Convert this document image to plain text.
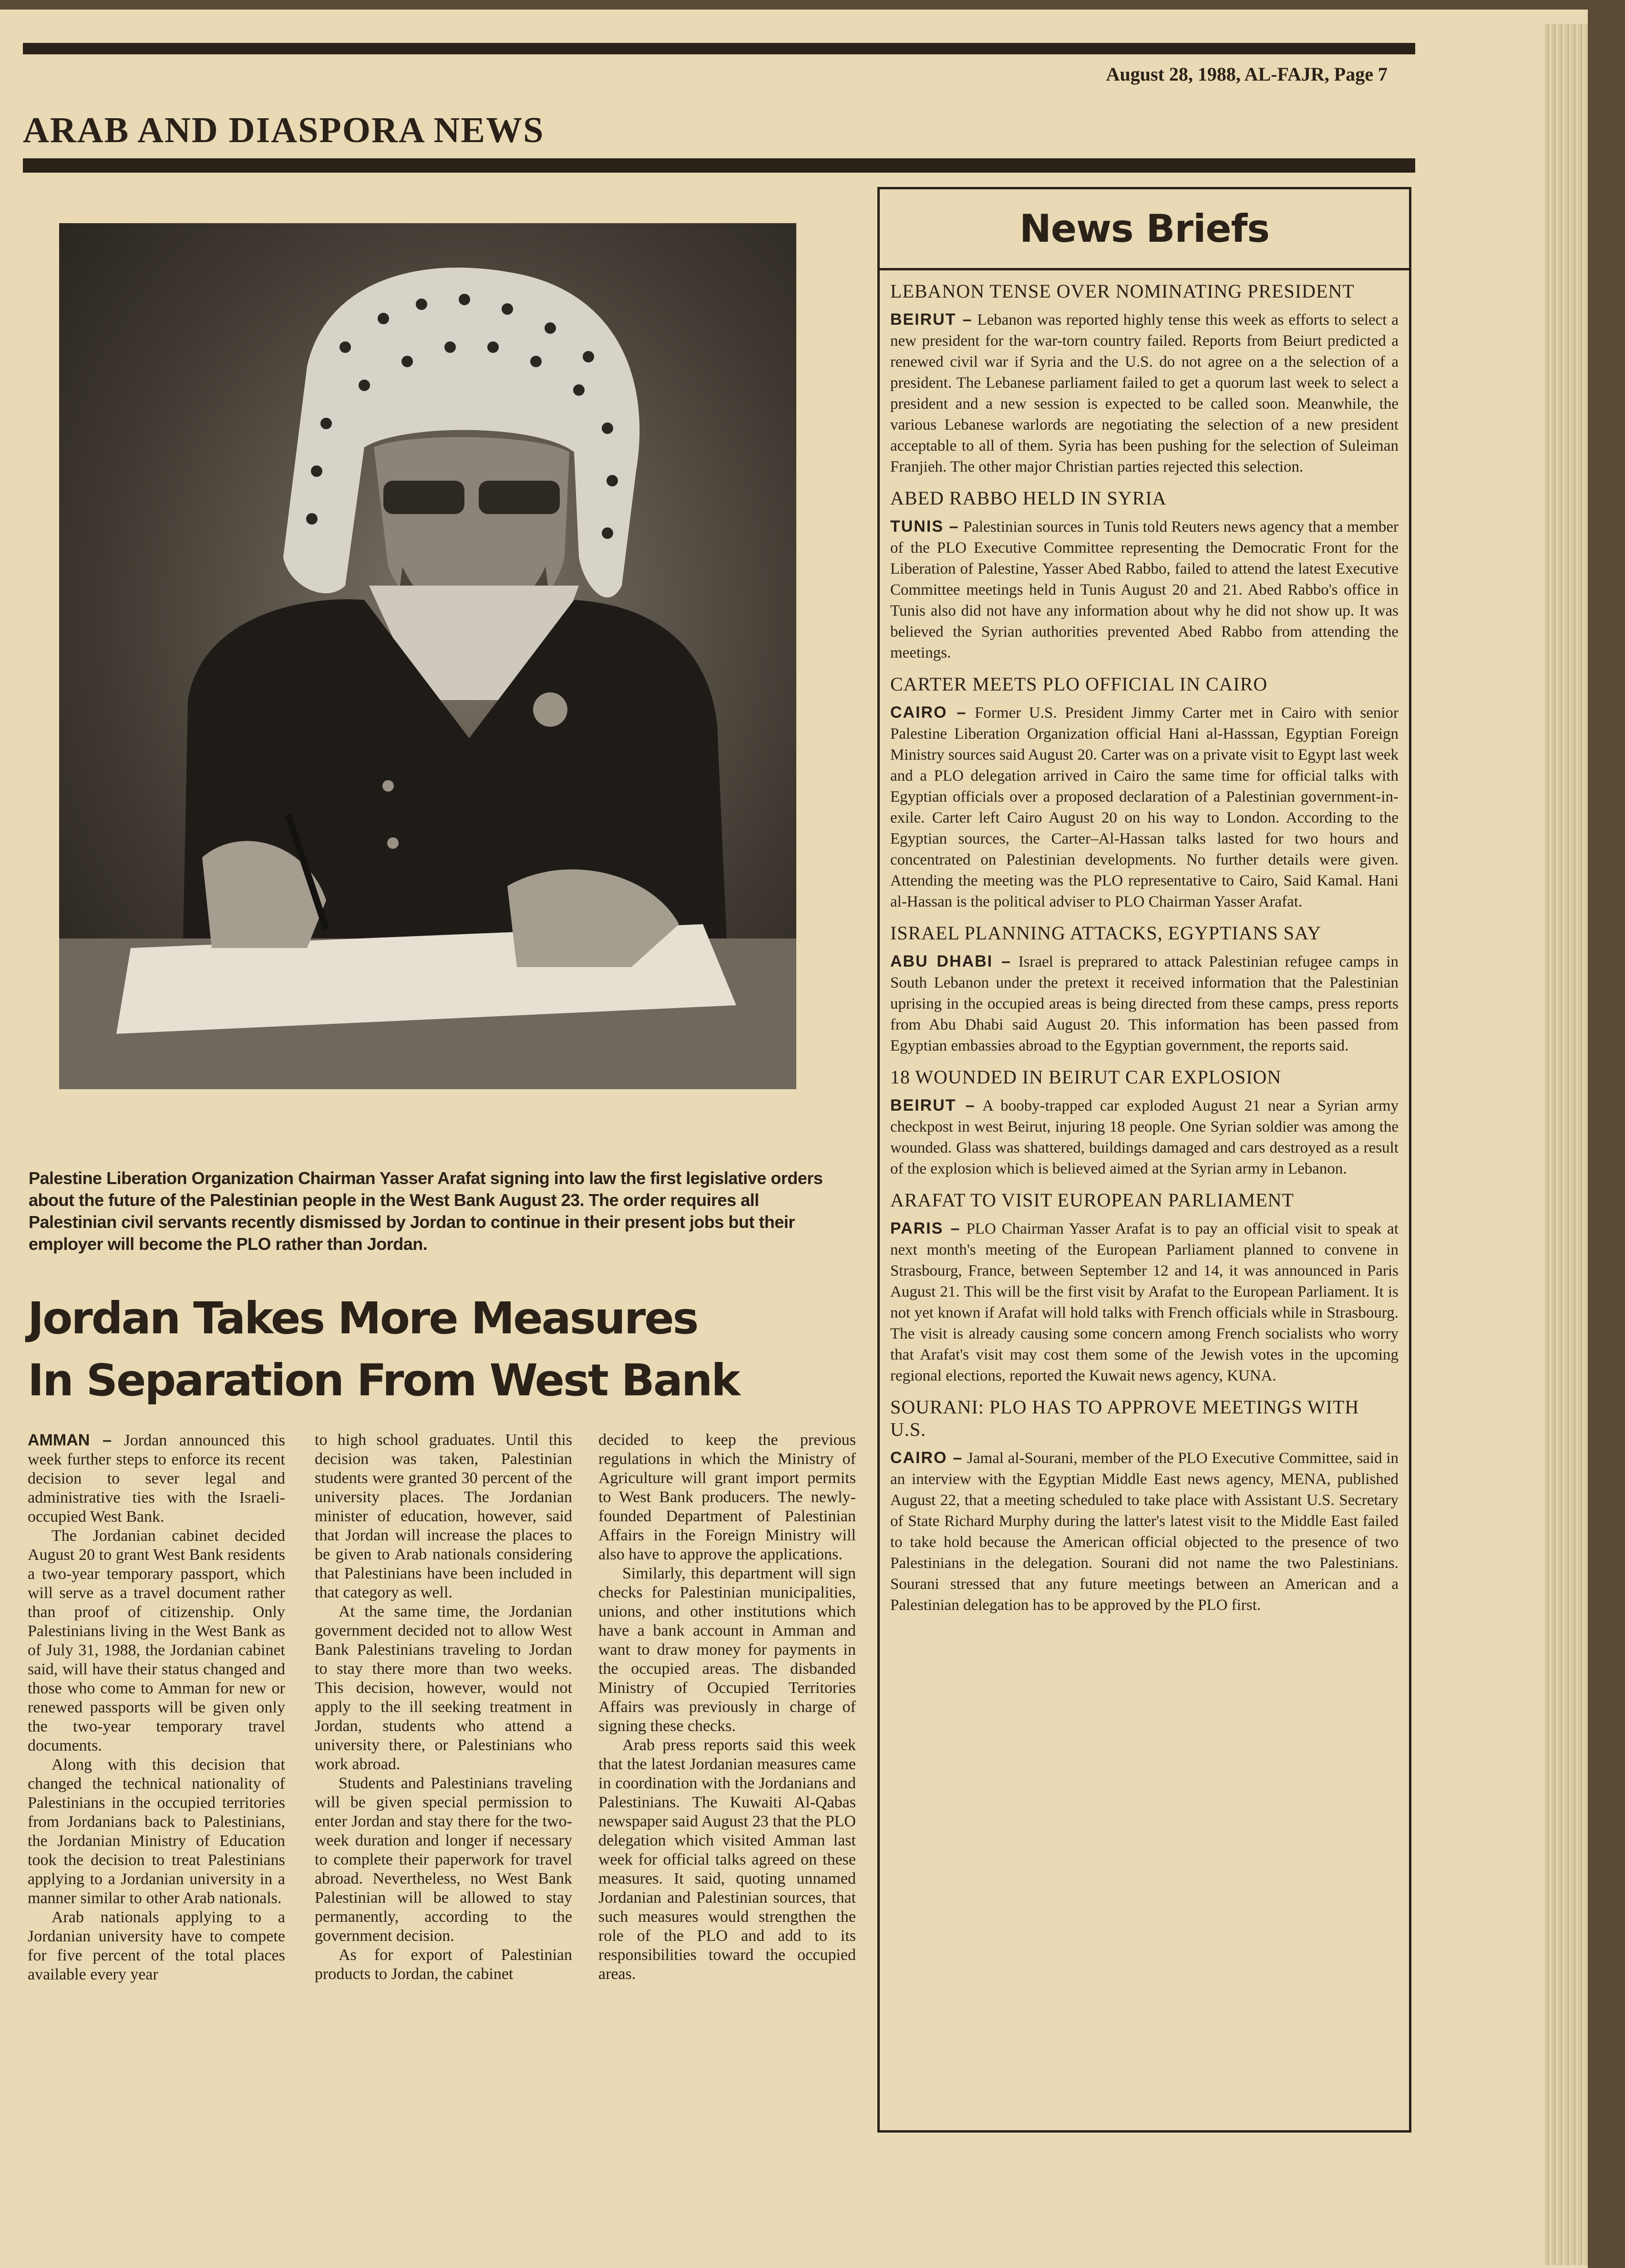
August 28, 1988, AL-FAJR, Page 7
ARAB AND DIASPORA NEWS
Palestine Liberation Organization Chairman Yasser Arafat signing into law the first legislative orders about the future of the Palestinian people in the West Bank August 23. The order requires all Palestinian civil servants recently dismissed by Jordan to continue in their present jobs but their employer will become the PLO rather than Jordan.
Jordan Takes More Measures
In Separation From West Bank

AMMAN – Jordan announced this week further steps to enforce its recent decision to sever legal and administrative ties with the Israeli-occupied West Bank.

The Jordanian cabinet decided August 20 to grant West Bank residents a two-year temporary passport, which will serve as a travel document rather than proof of citizenship. Only Palestinians living in the West Bank as of July 31, 1988, the Jordanian cabinet said, will have their status changed and those who come to Amman for new or renewed passports will be given only the two-year temporary travel documents.

Along with this decision that changed the technical nationality of Palestinians in the occupied territories from Jordanians back to Palestinians, the Jordanian Ministry of Education took the decision to treat Palestinians applying to a Jordanian university in a manner similar to other Arab nationals.

Arab nationals applying to a Jordanian university have to compete for five percent of the total places available every year

to high school graduates. Until this decision was taken, Palestinian students were granted 30 percent of the university places. The Jordanian minister of education, however, said that Jordan will increase the places to be given to Arab nationals considering that Palestinians have been included in that category as well.

At the same time, the Jordanian government decided not to allow West Bank Palestinians traveling to Jordan to stay there more than two weeks. This decision, however, would not apply to the ill seeking treatment in Jordan, students who attend a university there, or Palestinians who work abroad.

Students and Palestinians traveling will be given special permission to enter Jordan and stay there for the two-week duration and longer if necessary to complete their paperwork for travel abroad. Nevertheless, no West Bank Palestinian will be allowed to stay permanently, according to the government decision.

As for export of Palestinian products to Jordan, the cabinet

decided to keep the previous regulations in which the Ministry of Agriculture will grant import permits to West Bank producers. The newly-founded Department of Palestinian Affairs in the Foreign Ministry will also have to approve the applications.

Similarly, this department will sign checks for Palestinian municipalities, unions, and other institutions which have a bank account in Amman and want to draw money for payments in the occupied areas. The disbanded Ministry of Occupied Territories Affairs was previously in charge of signing these checks.

Arab press reports said this week that the latest Jordanian measures came in coordination with the Jordanians and Palestinians. The Kuwaiti Al-Qabas newspaper said August 23 that the PLO delegation which visited Amman last week for official talks agreed on these measures. It said, quoting unnamed Jordanian and Palestinian sources, that such measures would strengthen the role of the PLO and add to its responsibilities toward the occupied areas.

News Briefs
LEBANON TENSE OVER NOMINATING PRESIDENT

BEIRUT – Lebanon was reported highly tense this week as efforts to select a new president for the war-torn country failed. Reports from Beiurt predicted a renewed civil war if Syria and the U.S. do not agree on a the selection of a president. The Lebanese parliament failed to get a quorum last week to select a president and a new session is expected to be called soon. Meanwhile, the various Lebanese warlords are negotiating the selection of a new president acceptable to all of them. Syria has been pushing for the selection of Suleiman Franjieh. The other major Christian parties rejected this selection.

ABED RABBO HELD IN SYRIA

TUNIS – Palestinian sources in Tunis told Reuters news agency that a member of the PLO Executive Committee representing the Democratic Front for the Liberation of Palestine, Yasser Abed Rabbo, failed to attend the latest Executive Committee meetings held in Tunis August 20 and 21. Abed Rabbo's office in Tunis also did not have any information about why he did not show up. It was believed the Syrian authorities prevented Abed Rabbo from attending the meetings.

CARTER MEETS PLO OFFICIAL IN CAIRO

CAIRO – Former U.S. President Jimmy Carter met in Cairo with senior Palestine Liberation Organization official Hani al-Hasssan, Egyptian Foreign Ministry sources said August 20. Carter was on a private visit to Egypt last week and a PLO delegation arrived in Cairo the same time for official talks with Egyptian officials over a proposed declaration of a Palestinian government-in-exile. Carter left Cairo August 20 on his way to London. According to the Egyptian sources, the Carter–Al-Hassan talks lasted for two hours and concentrated on Palestinian developments. No further details were given. Attending the meeting was the PLO representative to Cairo, Said Kamal. Hani al-Hassan is the political adviser to PLO Chairman Yasser Arafat.

ISRAEL PLANNING ATTACKS, EGYPTIANS SAY

ABU DHABI – Israel is preprared to attack Palestinian refugee camps in South Lebanon under the pretext it received information that the Palestinian uprising in the occupied areas is being directed from these camps, press reports from Abu Dhabi said August 20. This information has been passed from Egyptian embassies abroad to the Egyptian government, the reports said.

18 WOUNDED IN BEIRUT CAR EXPLOSION

BEIRUT – A booby-trapped car exploded August 21 near a Syrian army checkpost in west Beirut, injuring 18 people. One Syrian soldier was among the wounded. Glass was shattered, buildings damaged and cars destroyed as a result of the explosion which is believed aimed at the Syrian army in Lebanon.

ARAFAT TO VISIT EUROPEAN PARLIAMENT

PARIS – PLO Chairman Yasser Arafat is to pay an official visit to speak at next month's meeting of the European Parliament planned to convene in Strasbourg, France, between September 12 and 14, it was announced in Paris August 21. This will be the first visit by Arafat to the European Parliament. It is not yet known if Arafat will hold talks with French officials while in Strasbourg. The visit is already causing some concern among French socialists who worry that Arafat's visit may cost them some of the Jewish votes in the upcoming regional elections, reported the Kuwait news agency, KUNA.

SOURANI: PLO HAS TO APPROVE MEETINGS WITH U.S.

CAIRO – Jamal al-Sourani, member of the PLO Executive Committee, said in an interview with the Egyptian Middle East news agency, MENA, published August 22, that a meeting scheduled to take place with Assistant U.S. Secretary of State Richard Murphy during the latter's latest visit to the Middle East failed to take hold because the American official objected to the presence of two Palestinians in the delegation. Sourani did not name the two Palestinians. Sourani stressed that any future meetings between an American and a Palestinian delegation has to be approved by the PLO first.
